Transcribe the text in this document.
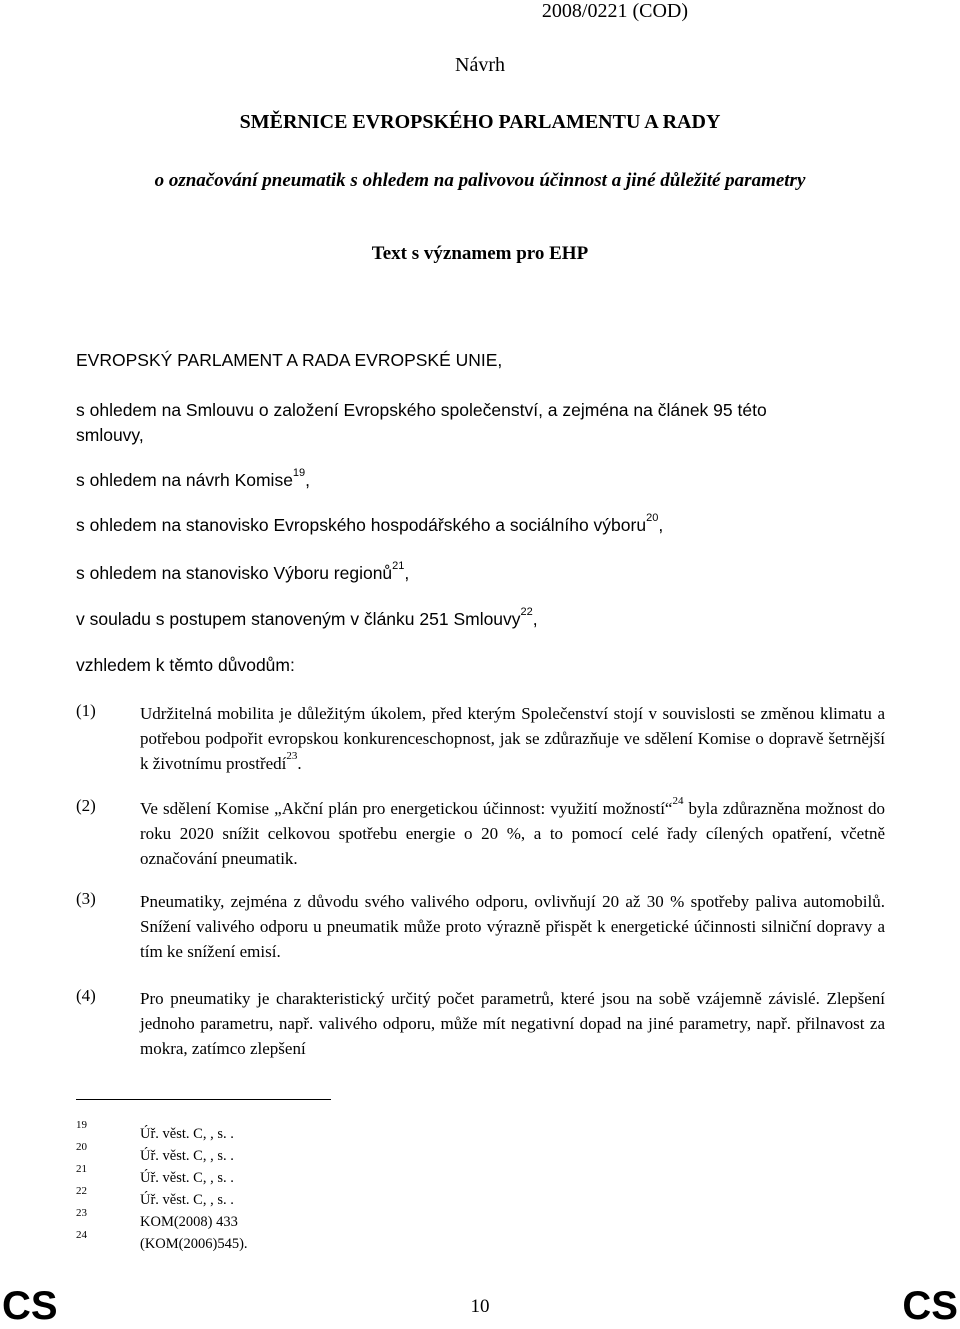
2008/0221 (COD)
Návrh
SMĚRNICE EVROPSKÉHO PARLAMENTU A RADY
o označování pneumatik s ohledem na palivovou účinnost a jiné důležité parametry
Text s významem pro EHP
EVROPSKÝ PARLAMENT A RADA EVROPSKÉ UNIE,
s ohledem na Smlouvu o založení Evropského společenství, a zejména na článek 95 této
smlouvy,
s ohledem na návrh Komise$^{19}$,
s ohledem na stanovisko Evropského hospodářského a sociálního výboru$^{20}$,
s ohledem na stanovisko Výboru regionů$^{21}$,
v souladu s postupem stanoveným v článku 251 Smlouvy$^{22}$,
vzhledem k těmto důvodům:
(1)	Udržitelná mobilita je důležitým úkolem, před kterým Společenství stojí v souvislosti se změnou klimatu a potřebou podpořit evropskou konkurenceschopnost, jak se zdůrazňuje ve sdělení Komise o dopravě šetrnější k životnímu prostředí$^{23}$.
(2)	Ve sdělení Komise „Akční plán pro energetickou účinnost: využití možností“$^{24}$ byla zdůrazněna možnost do roku 2020 snížit celkovou spotřebu energie o 20 %, a to pomocí celé řady cílených opatření, včetně označování pneumatik.
(3)	Pneumatiky, zejména z důvodu svého valivého odporu, ovlivňují 20 až 30 % spotřeby paliva automobilů. Snížení valivého odporu u pneumatik může proto výrazně přispět k energetické účinnosti silniční dopravy a tím ke snížení emisí.
(4)	Pro pneumatiky je charakteristický určitý počet parametrů, které jsou na sobě vzájemně závislé. Zlepšení jednoho parametru, např. valivého odporu, může mít negativní dopad na jiné parametry, např. přilnavost za mokra, zatímco zlepšení
19
Úř. věst. C, , s. .
20
Úř. věst. C, , s. .
21
Úř. věst. C, , s. .
22
Úř. věst. C, , s. .
23
KOM(2008) 433
24
(KOM(2006)545).
CS	10	CS
